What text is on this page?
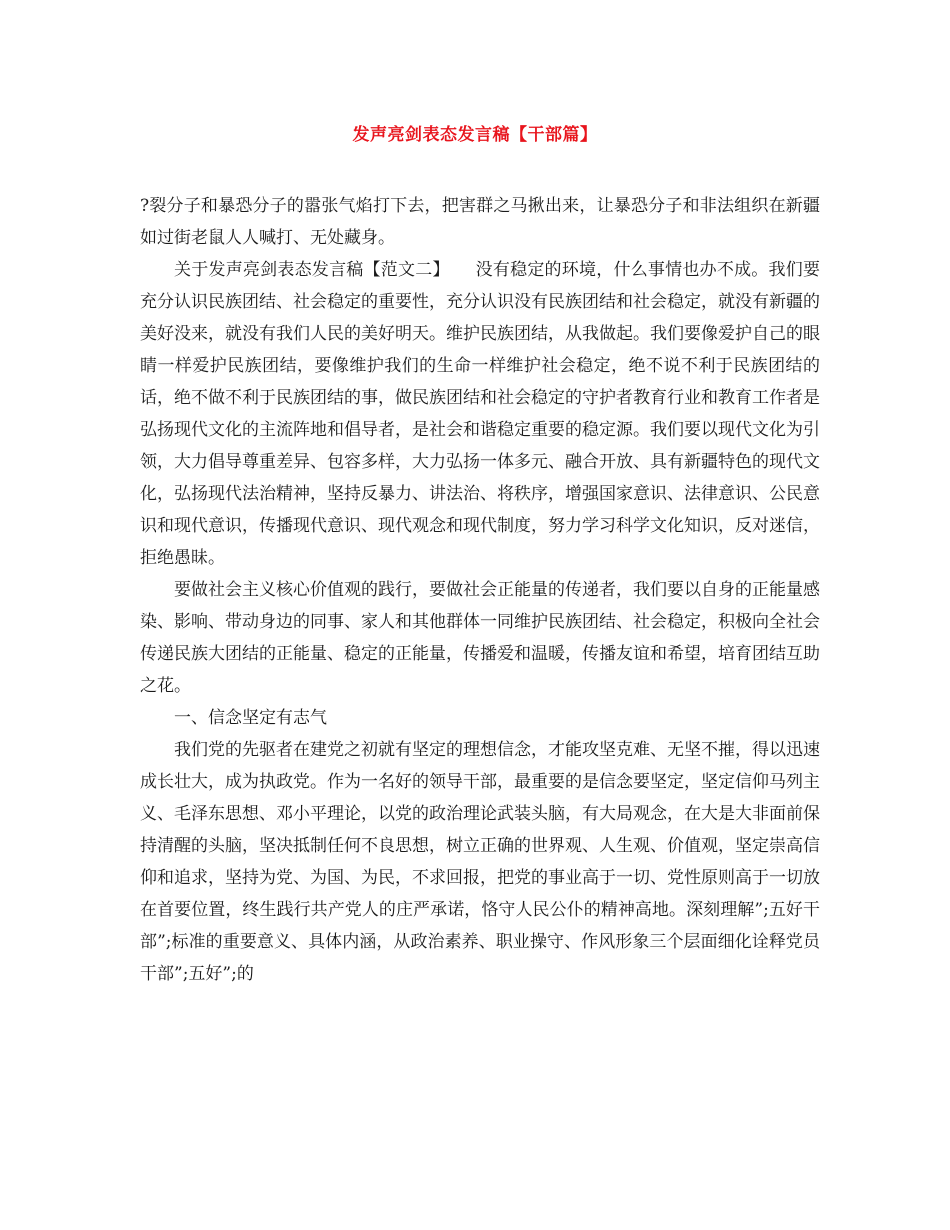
发声亮剑表态发言稿【干部篇】

?裂分子和暴恐分子的嚣张气焰打下去，把害群之马揪出来，让暴恐分子和非法组织在新疆如过街老鼠人人喊打、无处藏身。

关于发声亮剑表态发言稿【范文二】　　没有稳定的环境，什么事情也办不成。我们要充分认识民族团结、社会稳定的重要性，充分认识没有民族团结和社会稳定，就没有新疆的美好没来，就没有我们人民的美好明天。维护民族团结，从我做起。我们要像爱护自己的眼睛一样爱护民族团结，要像维护我们的生命一样维护社会稳定，绝不说不利于民族团结的话，绝不做不利于民族团结的事，做民族团结和社会稳定的守护者教育行业和教育工作者是弘扬现代文化的主流阵地和倡导者，是社会和谐稳定重要的稳定源。我们要以现代文化为引领，大力倡导尊重差异、包容多样，大力弘扬一体多元、融合开放、具有新疆特色的现代文化，弘扬现代法治精神，坚持反暴力、讲法治、将秩序，增强国家意识、法律意识、公民意识和现代意识，传播现代意识、现代观念和现代制度，努力学习科学文化知识，反对迷信，拒绝愚昧。

要做社会主义核心价值观的践行，要做社会正能量的传递者，我们要以自身的正能量感染、影响、带动身边的同事、家人和其他群体一同维护民族团结、社会稳定，积极向全社会传递民族大团结的正能量、稳定的正能量，传播爱和温暖，传播友谊和希望，培育团结互助之花。

一、信念坚定有志气

我们党的先驱者在建党之初就有坚定的理想信念，才能攻坚克难、无坚不摧，得以迅速成长壮大，成为执政党。作为一名好的领导干部，最重要的是信念要坚定，坚定信仰马列主义、毛泽东思想、邓小平理论，以党的政治理论武装头脑，有大局观念，在大是大非面前保持清醒的头脑，坚决抵制任何不良思想，树立正确的世界观、人生观、价值观，坚定崇高信仰和追求，坚持为党、为国、为民，不求回报，把党的事业高于一切、党性原则高于一切放在首要位置，终生践行共产党人的庄严承诺，恪守人民公仆的精神高地。深刻理解”;五好干部”;标准的重要意义、具体内涵，从政治素养、职业操守、作风形象三个层面细化诠释党员干部”;五好”;的
